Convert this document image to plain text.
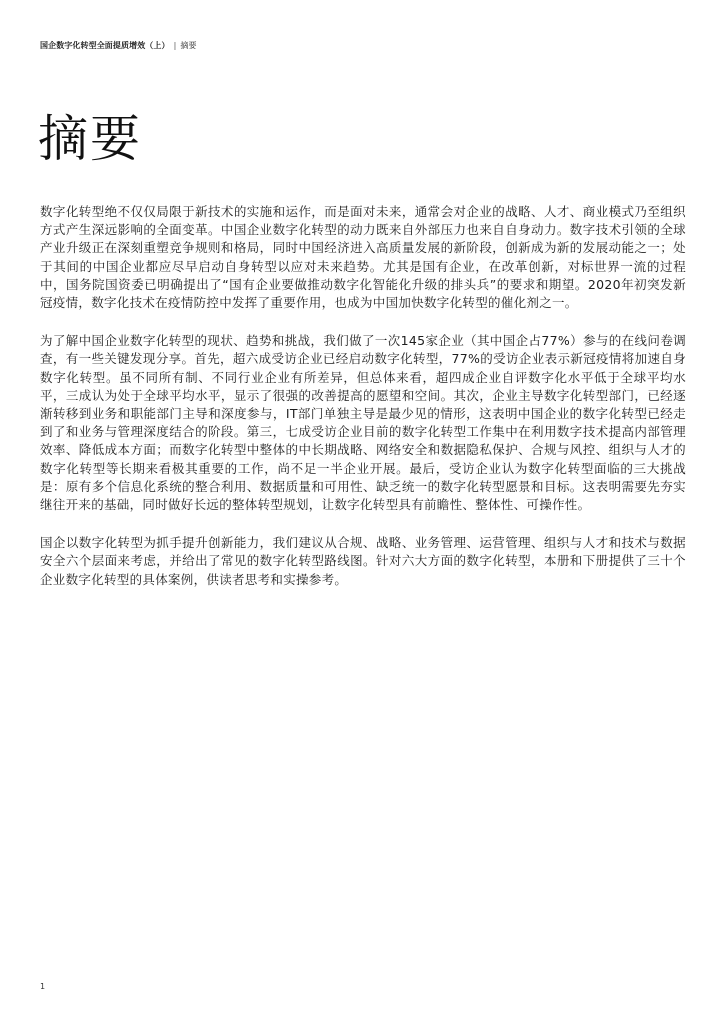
国企数字化转型全面提质增效（上） | 摘要
摘要

数字化转型绝不仅仅局限于新技术的实施和运作，而是面对未来，通常会对企业的战略、人才、商业模式乃至组织方式产生深远影响的全面变革。中国企业数字化转型的动力既来自外部压力也来自自身动力。数字技术引领的全球产业升级正在深刻重塑竞争规则和格局，同时中国经济进入高质量发展的新阶段，创新成为新的发展动能之一；处于其间的中国企业都应尽早启动自身转型以应对未来趋势。尤其是国有企业，在改革创新，对标世界一流的过程中，国务院国资委已明确提出了“国有企业要做推动数字化智能化升级的排头兵”的要求和期望。2020年初突发新冠疫情，数字化技术在疫情防控中发挥了重要作用，也成为中国加快数字化转型的催化剂之一。

为了解中国企业数字化转型的现状、趋势和挑战，我们做了一次145家企业（其中国企占77%）参与的在线问卷调查，有一些关键发现分享。首先，超六成受访企业已经启动数字化转型，77%的受访企业表示新冠疫情将加速自身数字化转型。虽不同所有制、不同行业企业有所差异，但总体来看，超四成企业自评数字化水平低于全球平均水平，三成认为处于全球平均水平，显示了很强的改善提高的愿望和空间。其次，企业主导数字化转型部门，已经逐渐转移到业务和职能部门主导和深度参与，IT部门单独主导是最少见的情形，这表明中国企业的数字化转型已经走到了和业务与管理深度结合的阶段。第三，七成受访企业目前的数字化转型工作集中在利用数字技术提高内部管理效率、降低成本方面；而数字化转型中整体的中长期战略、网络安全和数据隐私保护、合规与风控、组织与人才的数字化转型等长期来看极其重要的工作，尚不足一半企业开展。最后，受访企业认为数字化转型面临的三大挑战是：原有多个信息化系统的整合利用、数据质量和可用性、缺乏统一的数字化转型愿景和目标。这表明需要先夯实继往开来的基础，同时做好长远的整体转型规划，让数字化转型具有前瞻性、整体性、可操作性。

国企以数字化转型为抓手提升创新能力，我们建议从合规、战略、业务管理、运营管理、组织与人才和技术与数据安全六个层面来考虑，并给出了常见的数字化转型路线图。针对六大方面的数字化转型，本册和下册提供了三十个企业数字化转型的具体案例，供读者思考和实操参考。

1
